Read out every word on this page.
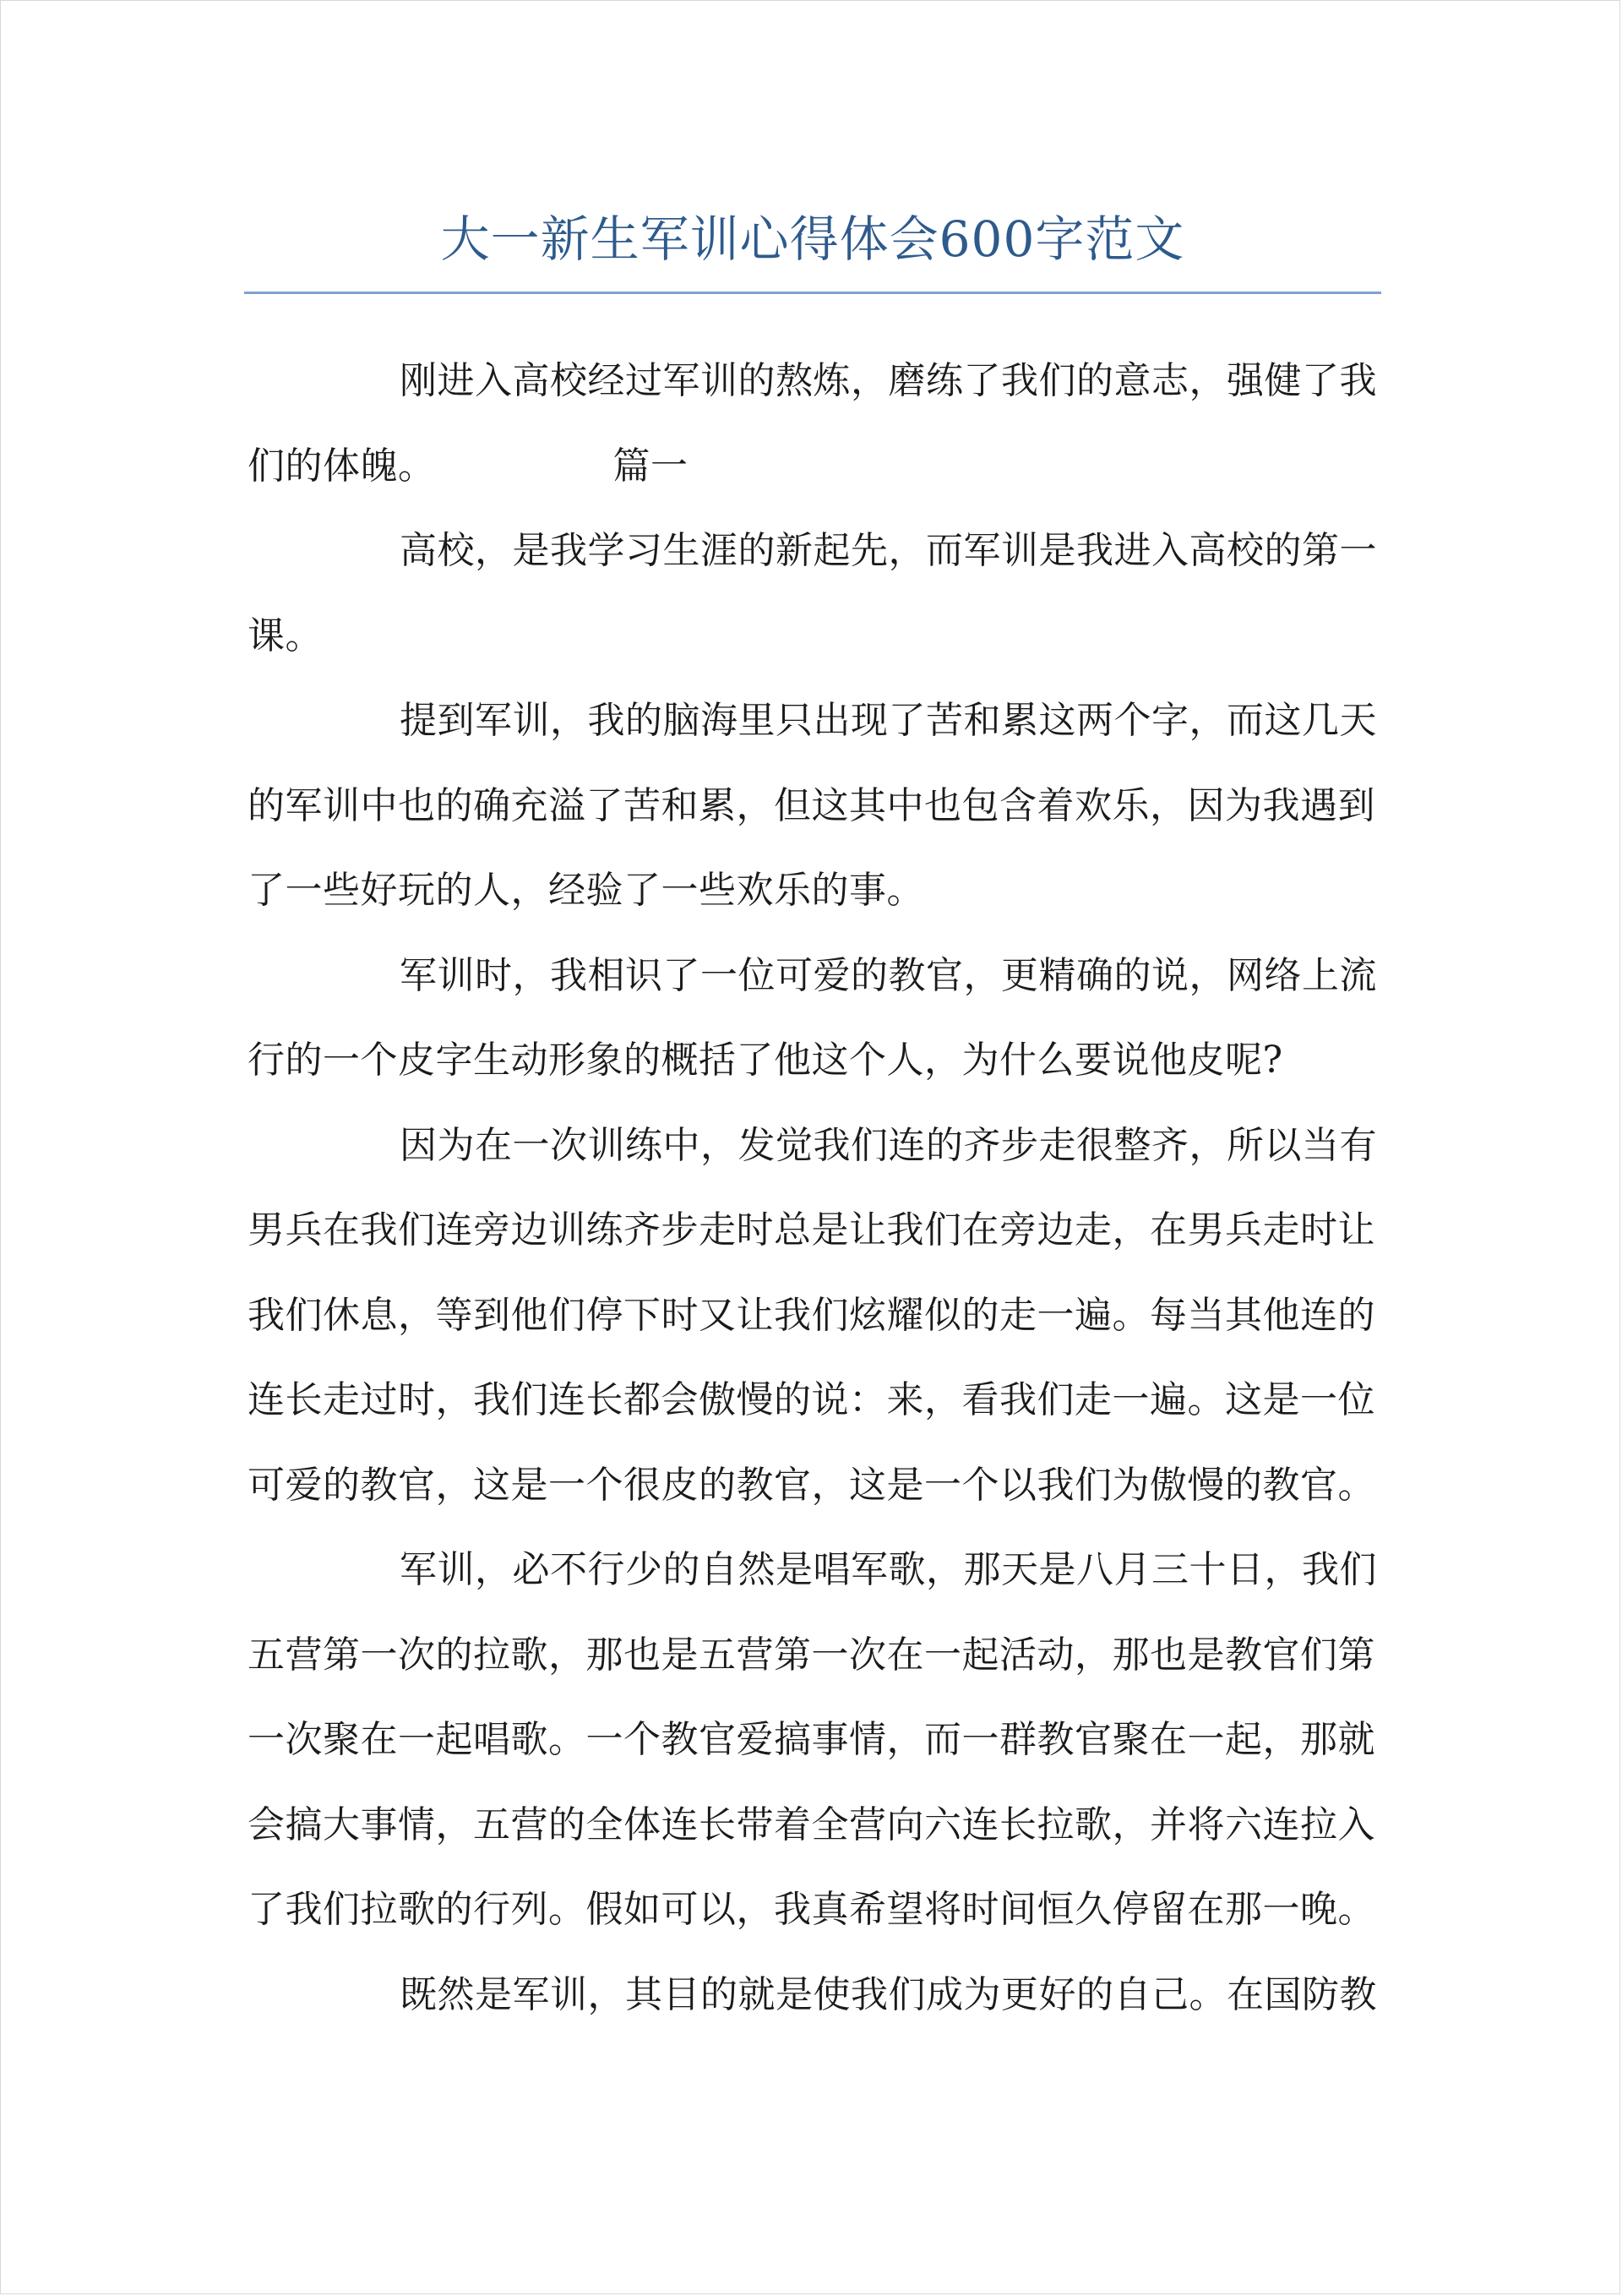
大一新生军训心得体会600字范文
刚进入高校经过军训的熬炼，磨练了我们的意志，强健了我
们的体魄。	篇一
高校，是我学习生涯的新起先，而军训是我进入高校的第一
课。
提到军训，我的脑海里只出现了苦和累这两个字，而这几天
的军训中也的确充溢了苦和累，但这其中也包含着欢乐，因为我遇到
了一些好玩的人，经验了一些欢乐的事。
军训时，我相识了一位可爱的教官，更精确的说，网络上流
行的一个皮字生动形象的概括了他这个人，为什么要说他皮呢?
因为在一次训练中，发觉我们连的齐步走很整齐，所以当有
男兵在我们连旁边训练齐步走时总是让我们在旁边走，在男兵走时让
我们休息，等到他们停下时又让我们炫耀似的走一遍。每当其他连的
连长走过时，我们连长都会傲慢的说：来，看我们走一遍。这是一位
可爱的教官，这是一个很皮的教官，这是一个以我们为傲慢的教官。
军训，必不行少的自然是唱军歌，那天是八月三十日，我们
五营第一次的拉歌，那也是五营第一次在一起活动，那也是教官们第
一次聚在一起唱歌。一个教官爱搞事情，而一群教官聚在一起，那就
会搞大事情，五营的全体连长带着全营向六连长拉歌，并将六连拉入
了我们拉歌的行列。假如可以，我真希望将时间恒久停留在那一晚。
既然是军训，其目的就是使我们成为更好的自己。在国防教
